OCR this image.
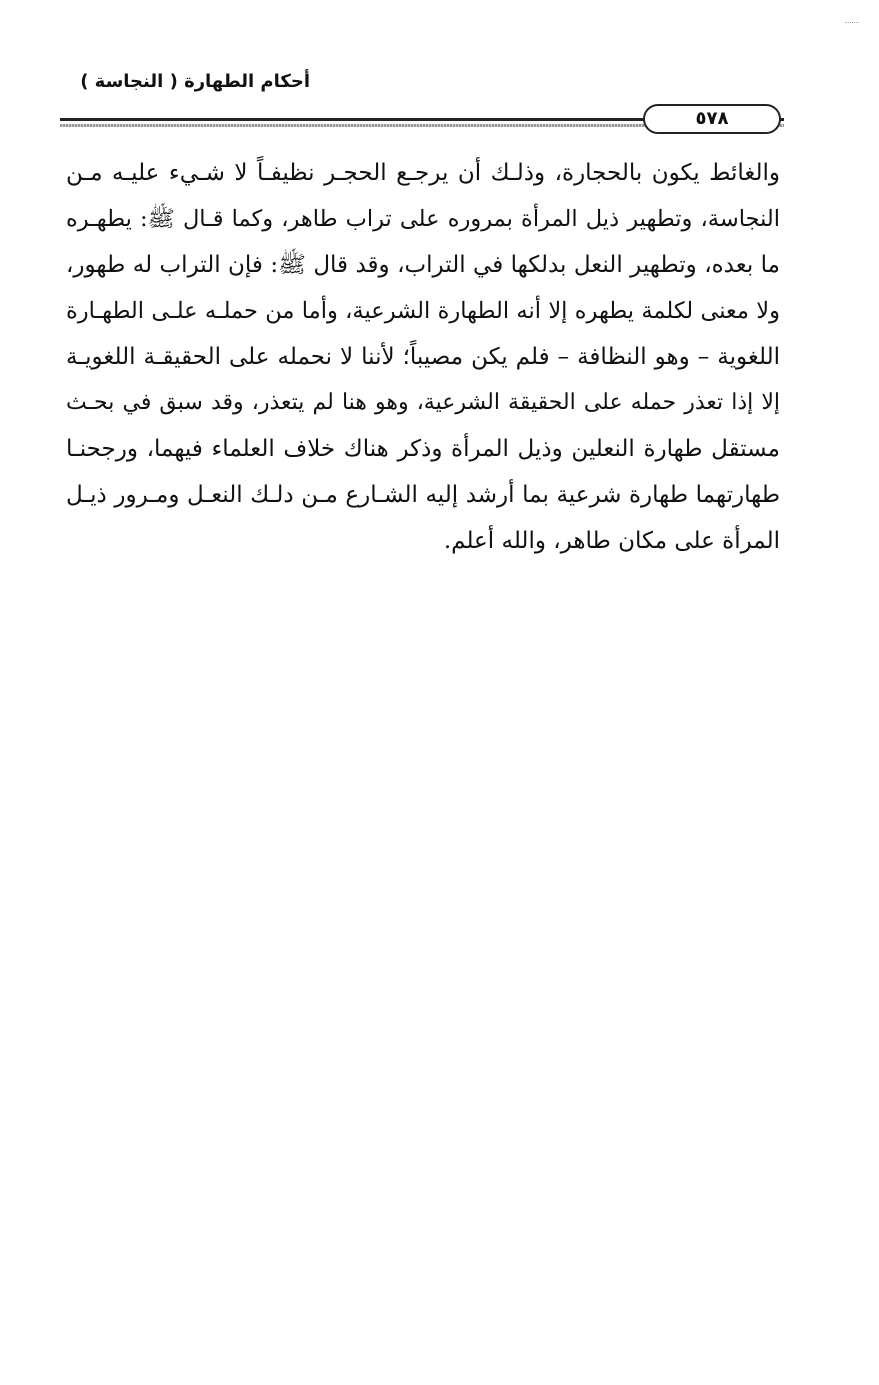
أحكام الطهارة ( النجاسة )
٥٧٨
والغائط يكون بالحجارة، وذلـك أن يرجـع الحجـر نظيفـاً لا شـيء عليـه مـن
النجاسة، وتطهير ذيل المرأة بمروره على تراب طاهر، وكما قـال ﷺ: يطهـره
ما بعده، وتطهير النعل بدلكها في التراب، وقد قال ﷺ: فإن التراب له طهور،
ولا معنى لكلمة يطهره إلا أنه الطهارة الشرعية، وأما من حملـه علـى الطهـارة
اللغوية – وهو النظافة – فلم يكن مصيباً؛ لأننا لا نحمله على الحقيقـة اللغويـة
إلا إذا تعذر حمله على الحقيقة الشرعية، وهو هنا لم يتعذر، وقد سبق في بحـث
مستقل طهارة النعلين وذيل المرأة وذكر هناك خلاف العلماء فيهما، ورجحنـا
طهارتهما طهارة شرعية بما أرشد إليه الشـارع مـن دلـك النعـل ومـرور ذيـل
المرأة على مكان طاهر، والله أعلم.
